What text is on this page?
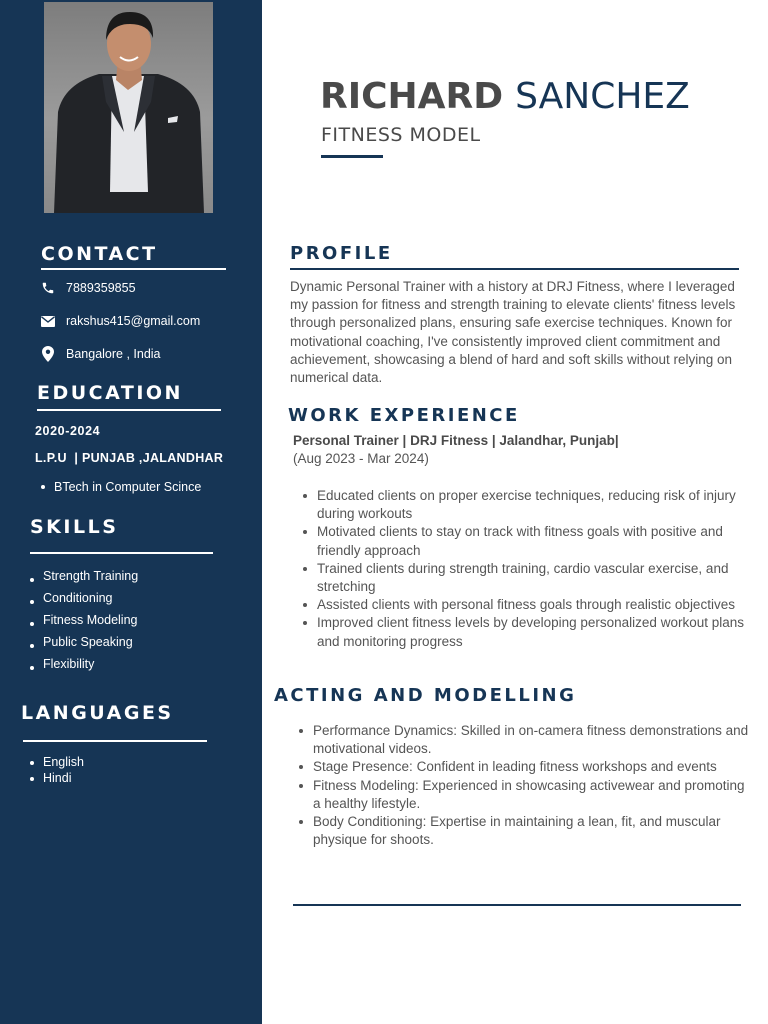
CONTACT
7889359855
rakshus415@gmail.com
Bangalore , India
EDUCATION
2020-2024
L.P.U  | PUNJAB ,JALANDHAR
BTech in Computer Scince
SKILLS
Strength Training
Conditioning
Fitness Modeling
Public Speaking
Flexibility
LANGUAGES
English
Hindi
RICHARD SANCHEZ
FITNESS MODEL
PROFILE
Dynamic Personal Trainer with a history at DRJ Fitness, where I leveraged my passion for fitness and strength training to elevate clients' fitness levels through personalized plans, ensuring safe exercise techniques. Known for motivational coaching, I've consistently improved client commitment and achievement, showcasing a blend of hard and soft skills without relying on numerical data.
WORK EXPERIENCE
Personal Trainer | DRJ Fitness | Jalandhar, Punjab|
(Aug 2023 - Mar 2024)
Educated clients on proper exercise techniques, reducing risk of injury during workouts
Motivated clients to stay on track with fitness goals with positive and friendly approach
Trained clients during strength training, cardio vascular exercise, and stretching
Assisted clients with personal fitness goals through realistic objectives
Improved client fitness levels by developing personalized workout plans and monitoring progress
ACTING AND MODELLING
Performance Dynamics: Skilled in on-camera fitness demonstrations and motivational videos.
Stage Presence: Confident in leading fitness workshops and events
Fitness Modeling: Experienced in showcasing activewear and promoting a healthy lifestyle.
Body Conditioning: Expertise in maintaining a lean, fit, and muscular physique for shoots.
